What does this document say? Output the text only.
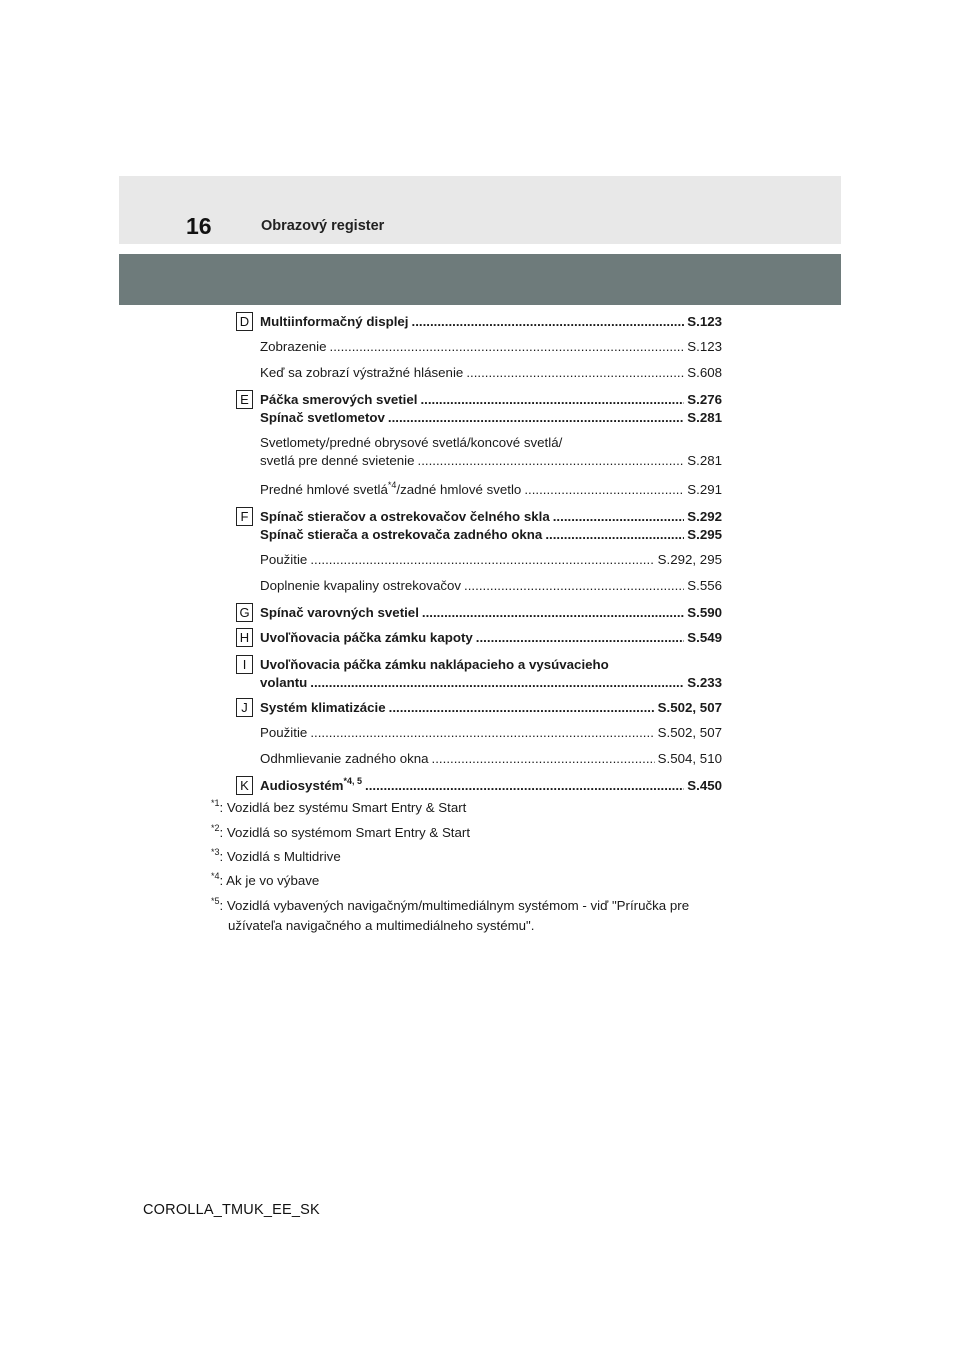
16	Obrazový register
D Multiinformačný displej .....	S.123
Zobrazenie .....	S.123
Keď sa zobrazí výstražné hlásenie .....	S.608
E Páčka smerových svetiel .....	S.276
Spínač svetlometov .....	S.281
Svetlomety/predné obrysové svetlá/koncové svetlá/
svetlá pre denné svietenie .....	S.281
Predné hmlové svetlá$^{*4}$/zadné hmlové svetlo .....	S.291
F Spínač stieračov a ostrekovačov čelného skla .....	S.292
Spínač stierača a ostrekovača zadného okna .....	S.295
Použitie .....	S.292, 295
Doplnenie kvapaliny ostrekovačov .....	S.556
G Spínač varovných svetiel .....	S.590
H Uvoľňovacia páčka zámku kapoty .....	S.549
I	Uvoľňovacia páčka zámku naklápacieho a vysúvacieho
volantu .....	S.233
J Systém klimatizácie .....	S.502, 507
Použitie .....	S.502, 507
Odhmlievanie zadného okna .....	S.504, 510
K Audiosystém$^{*4, 5}$ .....	S.450
$^{*1}$: Vozidlá bez systému Smart Entry & Start
$^{*2}$: Vozidlá so systémom Smart Entry & Start
$^{*3}$: Vozidlá s Multidrive
$^{*4}$: Ak je vo výbave
$^{*5}$: Vozidlá vybavených navigačným/multimediálnym systémom - viď "Príručka pre
užívateľa navigačného a multimediálneho systému".
COROLLA_TMUK_EE_SK
